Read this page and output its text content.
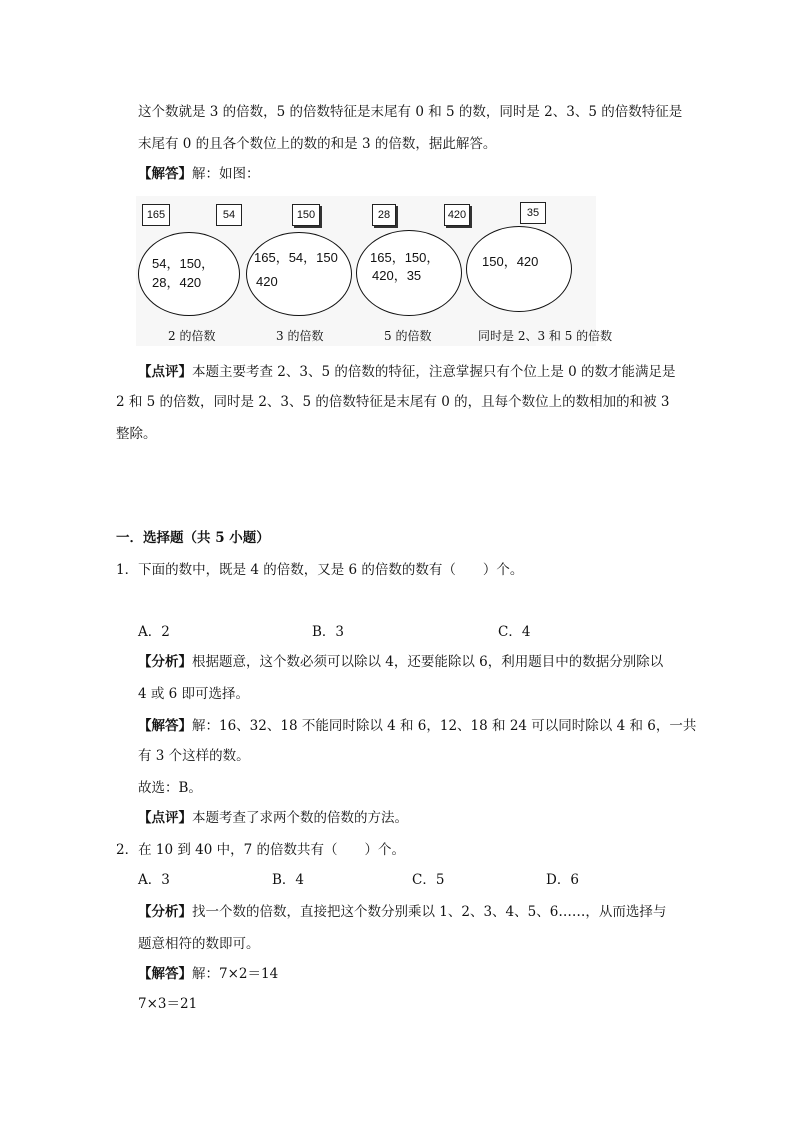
这个数就是 3 的倍数，5 的倍数特征是末尾有 0 和 5 的数，同时是 2、3、5 的倍数特征是
末尾有 0 的且各个数位上的数的和是 3 的倍数，据此解答。
【解答】解：如图：
165	54	150	28	420	35
54，150，
28，420
165，54，150
420
165，150，
420，35
150，420
2 的倍数	3 的倍数	5 的倍数	同时是 2、3 和 5 的倍数
【点评】本题主要考查 2、3、5 的倍数的特征，注意掌握只有个位上是 0 的数才能满足是
2 和 5 的倍数，同时是 2、3、5 的倍数特征是末尾有 0 的，且每个数位上的数相加的和被 3
整除。
一．选择题（共 5 小题）
1．下面的数中，既是 4 的倍数，又是 6 的倍数的数有（　　）个。
A．2	B．3	C．4
【分析】根据题意，这个数必须可以除以 4，还要能除以 6，利用题目中的数据分别除以
4 或 6 即可选择。
【解答】解：16、32、18 不能同时除以 4 和 6，12、18 和 24 可以同时除以 4 和 6，一共
有 3 个这样的数。
故选：B。
【点评】本题考查了求两个数的倍数的方法。
2．在 10 到 40 中，7 的倍数共有（　　）个。
A．3	B．4	C．5	D．6
【分析】找一个数的倍数，直接把这个数分别乘以 1、2、3、4、5、6……，从而选择与
题意相符的数即可。
【解答】解：7×2＝14
7×3＝21
